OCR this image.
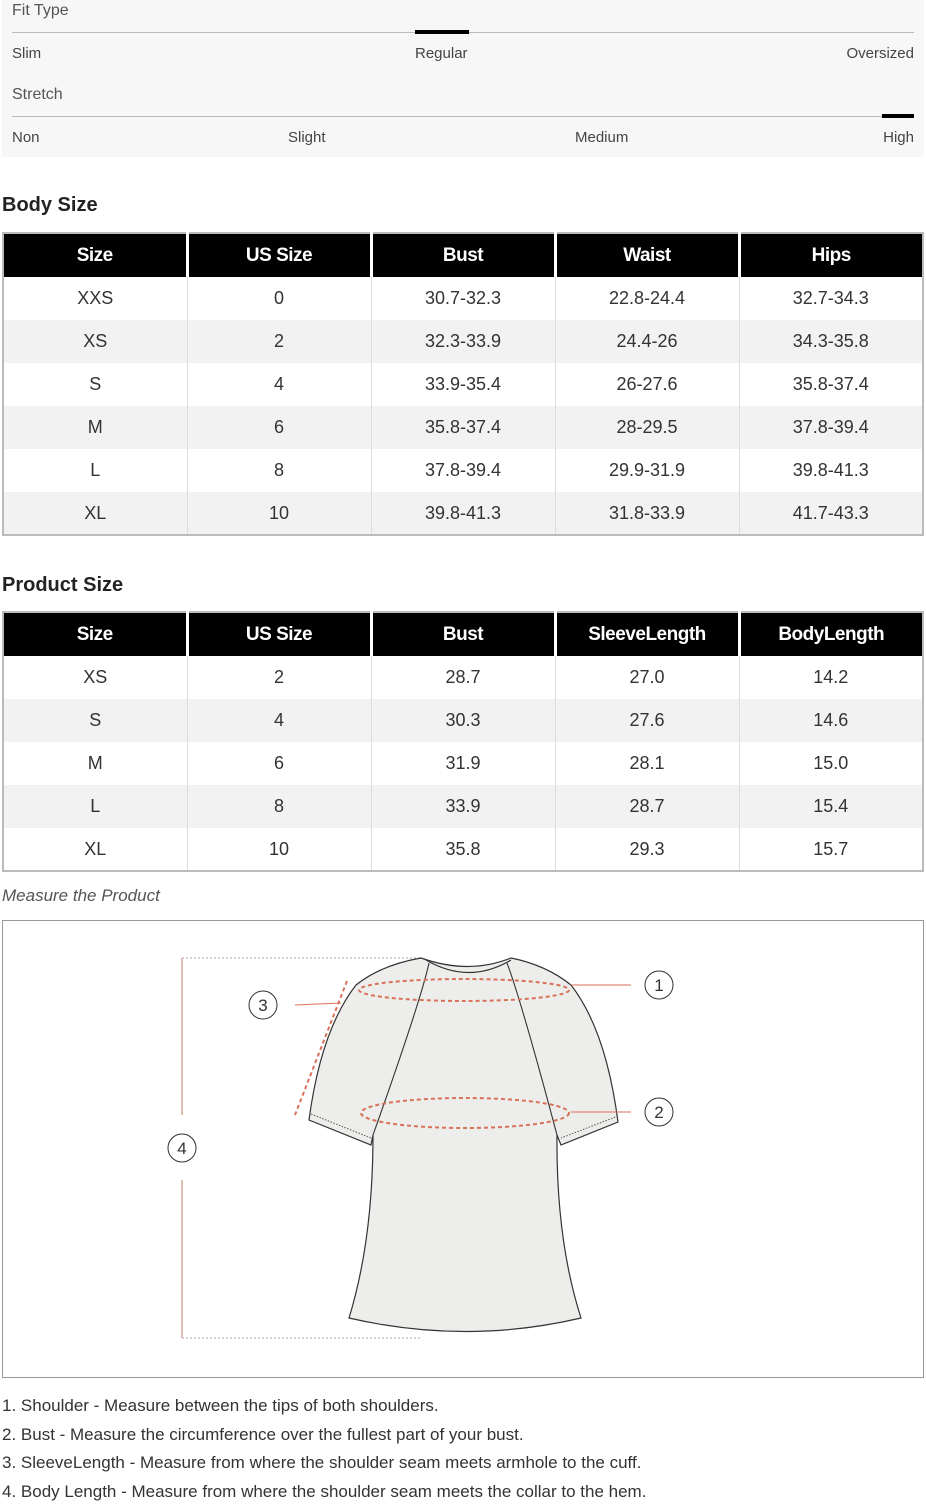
Fit Type
Slim	Regular	Oversized
Stretch
Non	Slight	Medium	High
Body Size
Size	US Size	Bust	Waist	Hips
XXS	0	30.7-32.3	22.8-24.4	32.7-34.3
XS	2	32.3-33.9	24.4-26	34.3-35.8
S	4	33.9-35.4	26-27.6	35.8-37.4
M	6	35.8-37.4	28-29.5	37.8-39.4
L	8	37.8-39.4	29.9-31.9	39.8-41.3
XL	10	39.8-41.3	31.8-33.9	41.7-43.3
Product Size
Size	US Size	Bust	SleeveLength	BodyLength
XS	2	28.7	27.0	14.2
S	4	30.3	27.6	14.6
M	6	31.9	28.1	15.0
L	8	33.9	28.7	15.4
XL	10	35.8	29.3	15.7
Measure the Product
1
2
3
4
1. Shoulder - Measure between the tips of both shoulders.
2. Bust - Measure the circumference over the fullest part of your bust.
3. SleeveLength - Measure from where the shoulder seam meets armhole to the cuff.
4. Body Length - Measure from where the shoulder seam meets the collar to the hem.
